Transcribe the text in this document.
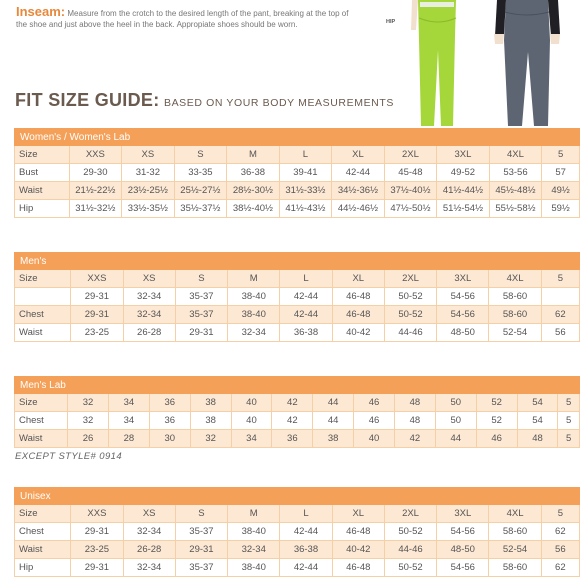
Inseam: Measure from the crotch to the desired length of the pant, breaking at the top of the shoe and just above the heel in the back. Appropiate shoes should be worn.	HIP
FIT SIZE GUIDE: BASED ON YOUR BODY MEASUREMENTS
Women's / Women's Lab										
Size	XXS	XS	S	M	L	XL	2XL	3XL	4XL	5
Bust	29-30	31-32	33-35	36-38	39-41	42-44	45-48	49-52	53-56	57
Waist	21½-22½	23½-25½	25½-27½	28½-30½	31½-33½	34½-36½	37½-40½	41½-44½	45½-48½	49½
Hip	31½-32½	33½-35½	35½-37½	38½-40½	41½-43½	44½-46½	47½-50½	51½-54½	55½-58½	59½
Men's										
Size	XXS	XS	S	M	L	XL	2XL	3XL	4XL	5
	29-31	32-34	35-37	38-40	42-44	46-48	50-52	54-56	58-60	
Chest	29-31	32-34	35-37	38-40	42-44	46-48	50-52	54-56	58-60	62
Waist	23-25	26-28	29-31	32-34	36-38	40-42	44-46	48-50	52-54	56
Men's Lab													
Size	32	34	36	38	40	42	44	46	48	50	52	54	5
Chest	32	34	36	38	40	42	44	46	48	50	52	54	5
Waist	26	28	30	32	34	36	38	40	42	44	46	48	5
EXCEPT STYLE# 0914
Unisex										
Size	XXS	XS	S	M	L	XL	2XL	3XL	4XL	5
Chest	29-31	32-34	35-37	38-40	42-44	46-48	50-52	54-56	58-60	62
Waist	23-25	26-28	29-31	32-34	36-38	40-42	44-46	48-50	52-54	56
Hip	29-31	32-34	35-37	38-40	42-44	46-48	50-52	54-56	58-60	62
